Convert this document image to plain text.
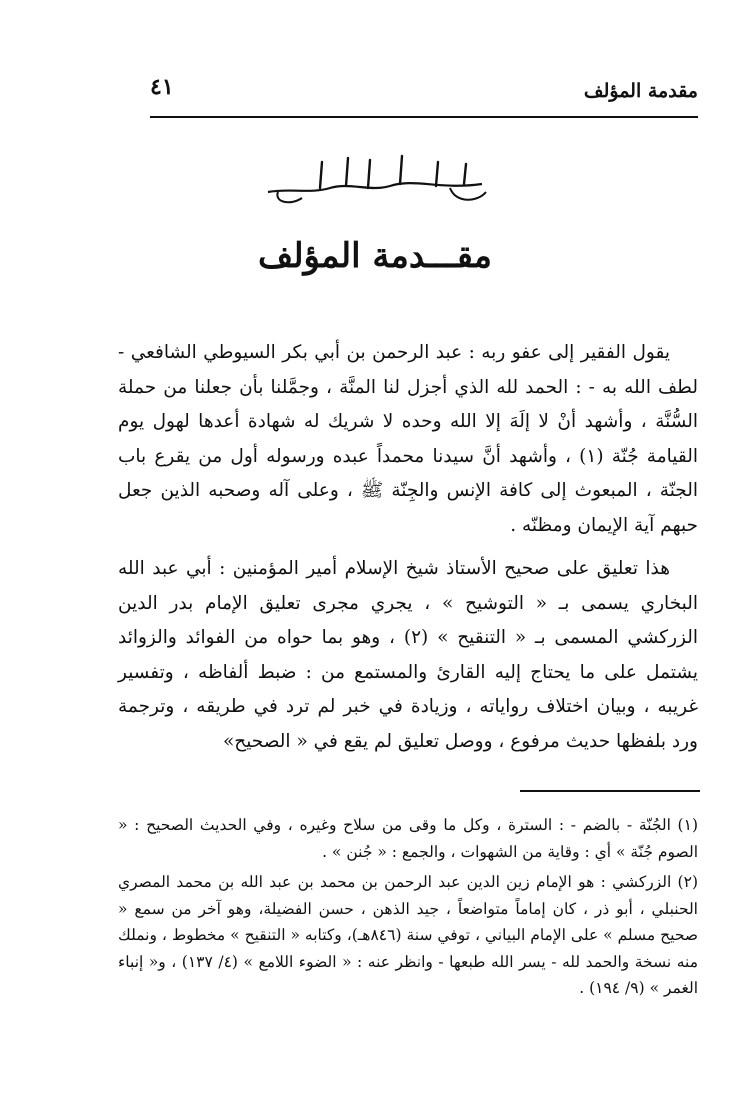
مقدمة المؤلف
٤١
مقـــدمة المؤلف

يقول الفقير إلى عفو ربه : عبد الرحمن بن أبي بكر السيوطي الشافعي - لطف الله به - : الحمد لله الذي أجزل لنا المنَّة ، وجمَّلنا بأن جعلنا من حملة السُّنَّة ، وأشهد أنْ لا إلَهَ إلا الله وحده لا شريك له شهادة أعدها لهول يوم القيامة جُنّة (١) ، وأشهد أنَّ سيدنا محمداً عبده ورسوله أول من يقرع باب الجنّة ، المبعوث إلى كافة الإنس والجِنّة ﷺ ، وعلى آله وصحبه الذين جعل حبهم آية الإيمان ومظنّه .

هذا تعليق على صحيح الأستاذ شيخ الإسلام أمير المؤمنين : أبي عبد الله البخاري يسمى بـ « التوشيح » ، يجري مجرى تعليق الإمام بدر الدين الزركشي المسمى بـ « التنقيح » (٢) ، وهو بما حواه من الفوائد والزوائد يشتمل على ما يحتاج إليه القارئ والمستمع من : ضبط ألفاظه ، وتفسير غريبه ، وبيان اختلاف رواياته ، وزيادة في خبر لم ترد في طريقه ، وترجمة ورد بلفظها حديث مرفوع ، ووصل تعليق لم يقع في « الصحيح»

(١) الجُنّة - بالضم - : السترة ، وكل ما وقى من سلاح وغيره ، وفي الحديث الصحيح : « الصوم جُنّة » أي : وقاية من الشهوات ، والجمع : « جُنن » .

(٢) الزركشي : هو الإمام زين الدين عبد الرحمن بن محمد بن عبد الله بن محمد المصري الحنبلي ، أبو ذر ، كان إماماً متواضعاً ، جيد الذهن ، حسن الفضيلة، وهو آخر من سمع « صحيح مسلم » على الإمام البياني ، توفي سنة (٨٤٦هـ)، وكتابه « التنقيح » مخطوط ، ونملك منه نسخة والحمد لله - يسر الله طبعها - وانظر عنه : « الضوء اللامع » (٤/ ١٣٧) ، و« إنباء الغمر » (٩/ ١٩٤) .
